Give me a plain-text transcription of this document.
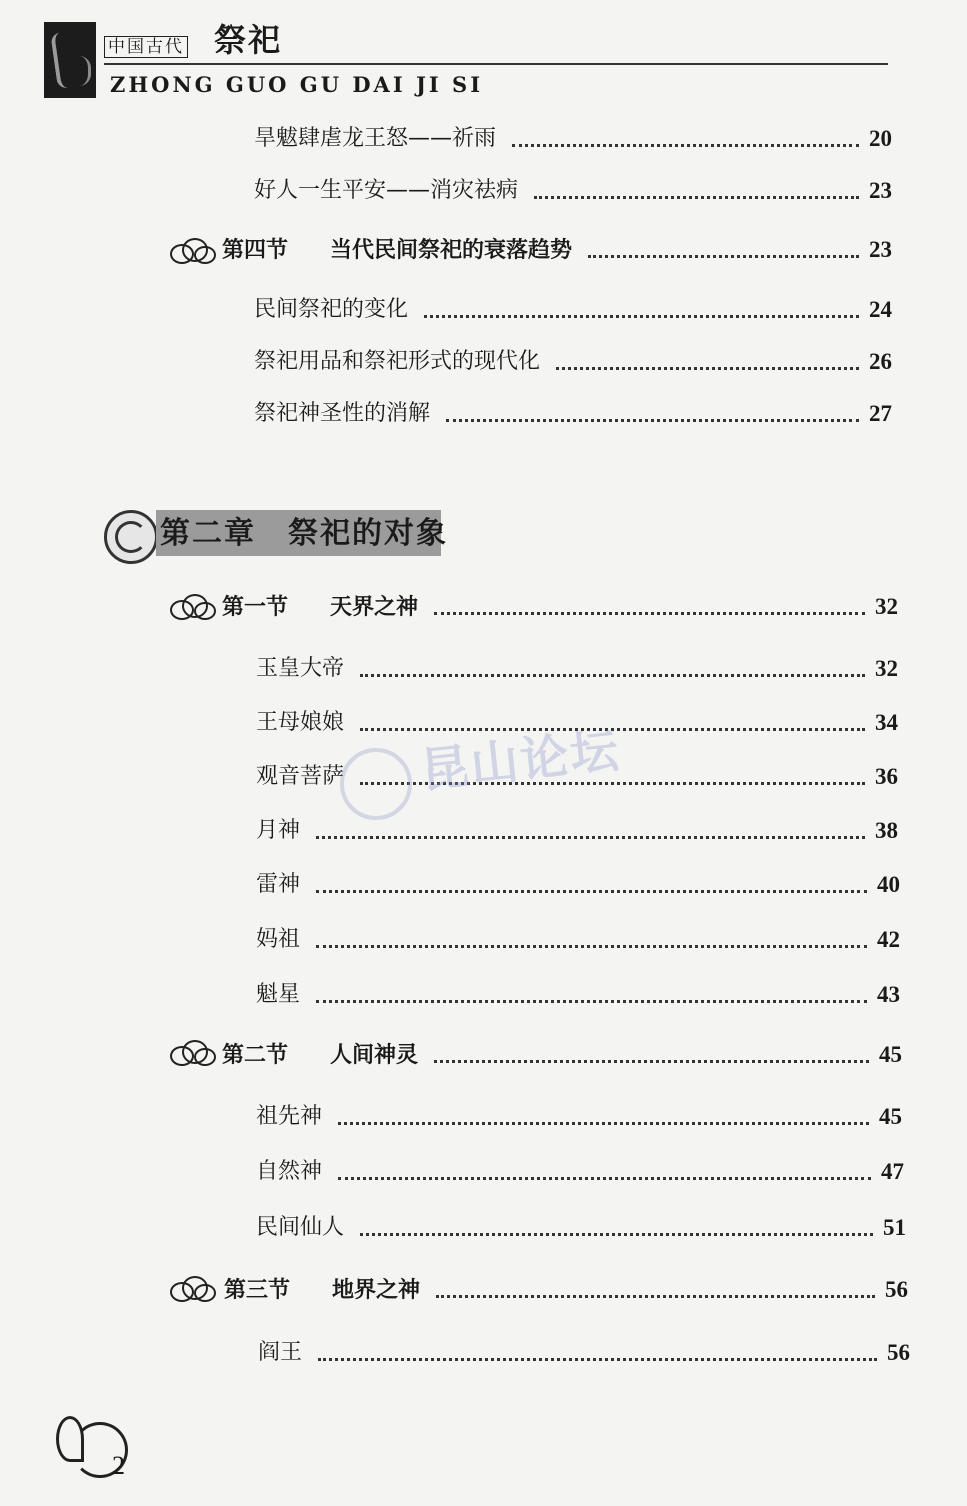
中国古代 祭祀
ZHONG GUO GU DAI JI SI
旱魃肆虐龙王怒——祈雨	20
好人一生平安——消灾祛病	23
第四节 当代民间祭祀的衰落趋势	23
民间祭祀的变化	24
祭祀用品和祭祀形式的现代化	26
祭祀神圣性的消解	27
第二章　祭祀的对象
第一节 天界之神	32
玉皇大帝	32
王母娘娘	34
观音菩萨	36
月神	38
雷神	40
妈祖	42
魁星	43
第二节 人间神灵	45
祖先神	45
自然神	47
民间仙人	51
第三节 地界之神	56
阎王	56
昆山论坛
2
